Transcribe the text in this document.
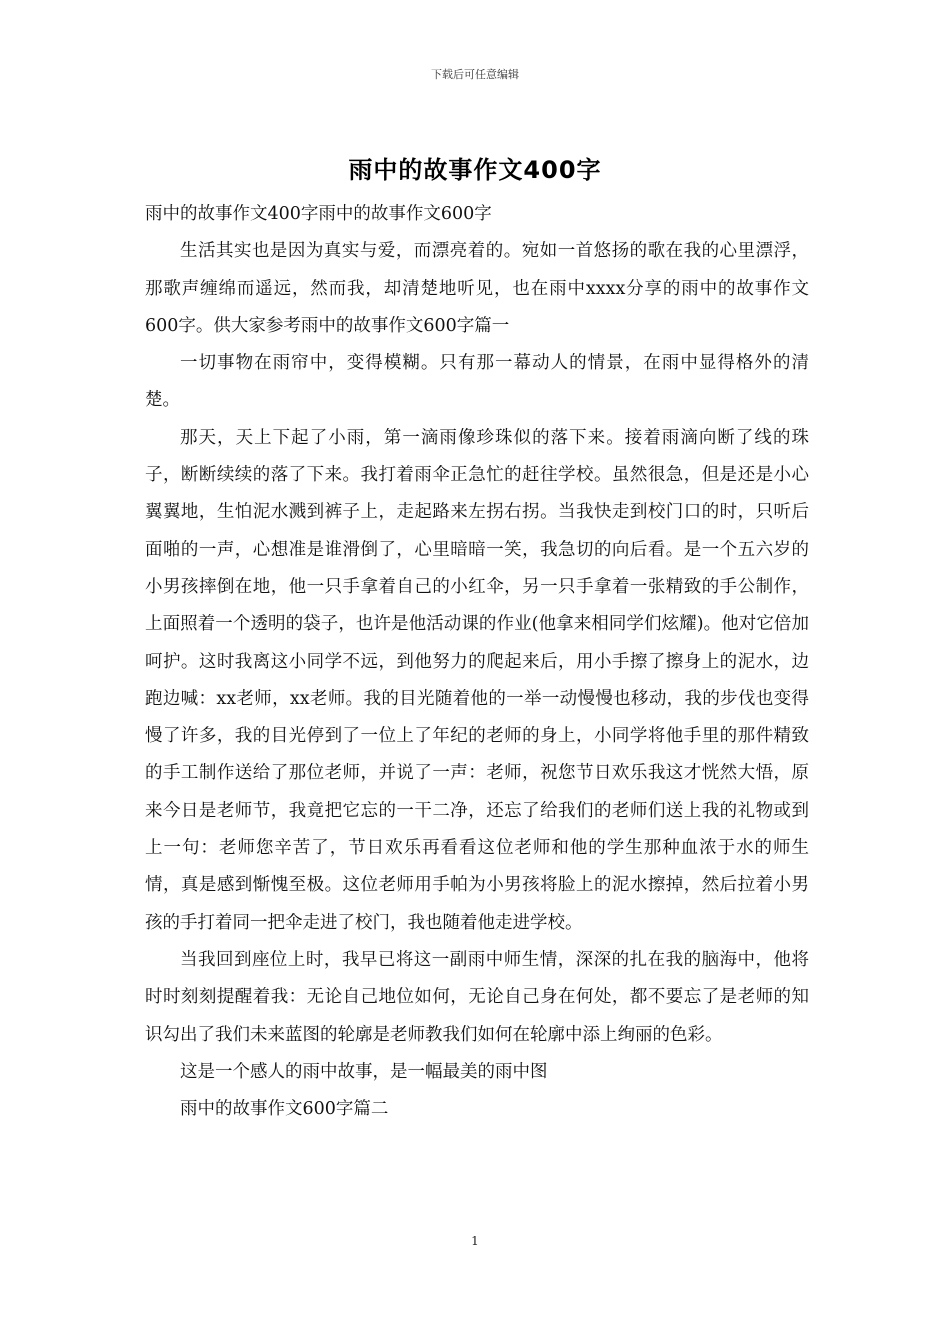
下载后可任意编辑
雨中的故事作文400字

雨中的故事作文400字雨中的故事作文600字

生活其实也是因为真实与爱，而漂亮着的。宛如一首悠扬的歌在我的心里漂浮，那歌声缠绵而遥远，然而我，却清楚地听见，也在雨中xxxx分享的雨中的故事作文600字。供大家参考雨中的故事作文600字篇一

一切事物在雨帘中，变得模糊。只有那一幕动人的情景，在雨中显得格外的清楚。

那天，天上下起了小雨，第一滴雨像珍珠似的落下来。接着雨滴向断了线的珠子，断断续续的落了下来。我打着雨伞正急忙的赶往学校。虽然很急，但是还是小心翼翼地，生怕泥水溅到裤子上，走起路来左拐右拐。当我快走到校门口的时，只听后面啪的一声，心想准是谁滑倒了，心里暗暗一笑，我急切的向后看。是一个五六岁的小男孩摔倒在地，他一只手拿着自己的小红伞，另一只手拿着一张精致的手公制作，上面照着一个透明的袋子，也许是他活动课的作业(他拿来相同学们炫耀)。他对它倍加呵护。这时我离这小同学不远，到他努力的爬起来后，用小手擦了擦身上的泥水，边跑边喊：xx老师，xx老师。我的目光随着他的一举一动慢慢也移动，我的步伐也变得慢了许多，我的目光停到了一位上了年纪的老师的身上，小同学将他手里的那件精致的手工制作送给了那位老师，并说了一声：老师，祝您节日欢乐我这才恍然大悟，原来今日是老师节，我竟把它忘的一干二净，还忘了给我们的老师们送上我的礼物或到上一句：老师您辛苦了，节日欢乐再看看这位老师和他的学生那种血浓于水的师生情，真是感到惭愧至极。这位老师用手帕为小男孩将脸上的泥水擦掉，然后拉着小男孩的手打着同一把伞走进了校门，我也随着他走进学校。

当我回到座位上时，我早已将这一副雨中师生情，深深的扎在我的脑海中，他将时时刻刻提醒着我：无论自己地位如何，无论自己身在何处，都不要忘了是老师的知识勾出了我们未来蓝图的轮廓是老师教我们如何在轮廓中添上绚丽的色彩。

这是一个感人的雨中故事，是一幅最美的雨中图

雨中的故事作文600字篇二

1
